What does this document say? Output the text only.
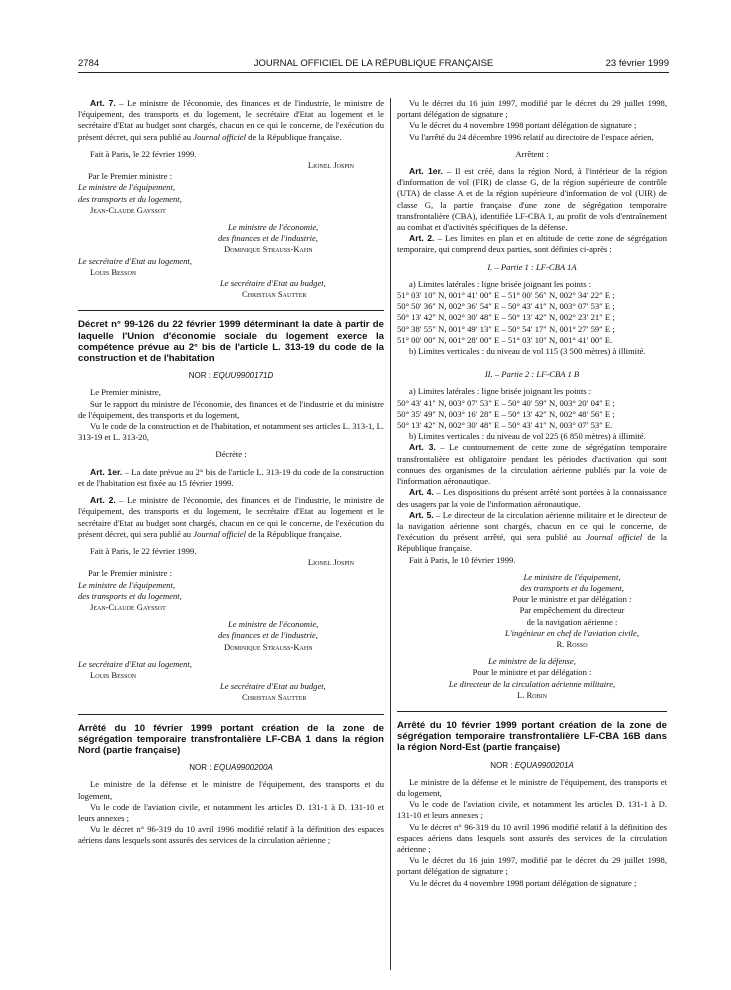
2784	JOURNAL OFFICIEL DE LA RÉPUBLIQUE FRANÇAISE	23 février 1999

Art. 7. – Le ministre de l'économie, des finances et de l'industrie, le ministre de l'équipement, des transports et du logement, le secrétaire d'Etat au logement et le secrétaire d'Etat au budget sont chargés, chacun en ce qui le concerne, de l'exécution du présent décret, qui sera publié au Journal officiel de la République française.

Fait à Paris, le 22 février 1999.

Lionel Jospin

Par le Premier ministre :

Le ministre de l'équipement,

des transports et du logement,

Jean-Claude Gayssot

Le ministre de l'économie,

des finances et de l'industrie,

Dominique Strauss-Kahn

Le secrétaire d'Etat au logement,

Louis Besson

Le secrétaire d'Etat au budget,

Christian Sautter

Décret n° 99-126 du 22 février 1999 déterminant la date à partir de laquelle l'Union d'économie sociale du logement exerce la compétence prévue au 2° bis de l'article L. 313-19 du code de la construction et de l'habitation

NOR : EQUU9900171D

Le Premier ministre,

Sur le rapport du ministre de l'économie, des finances et de l'industrie et du ministre de l'équipement, des transports et du logement,

Vu le code de la construction et de l'habitation, et notamment ses articles L. 313-1, L. 313-19 et L. 313-20,

Décrète :

Art. 1er. – La date prévue au 2° bis de l'article L. 313-19 du code de la construction et de l'habitation est fixée au 15 février 1999.

Art. 2. – Le ministre de l'économie, des finances et de l'industrie, le ministre de l'équipement, des transports et du logement, le secrétaire d'Etat au logement et le secrétaire d'Etat au budget sont chargés, chacun en ce qui le concerne, de l'exécution du présent décret, qui sera publié au Journal officiel de la République française.

Fait à Paris, le 22 février 1999.

Lionel Jospin

Par le Premier ministre :

Le ministre de l'équipement,

des transports et du logement,

Jean-Claude Gayssot

Le ministre de l'économie,

des finances et de l'industrie,

Dominique Strauss-Kahn

Le secrétaire d'Etat au logement,

Louis Besson

Le secrétaire d'Etat au budget,

Christian Sautter

Arrêté du 10 février 1999 portant création de la zone de ségrégation temporaire transfrontalière LF-CBA 1 dans la région Nord (partie française)

NOR : EQUA9900200A

Le ministre de la défense et le ministre de l'équipement, des transports et du logement,

Vu le code de l'aviation civile, et notamment les articles D. 131-1 à D. 131-10 et leurs annexes ;

Vu le décret n° 96-319 du 10 avril 1996 modifié relatif à la définition des espaces aériens dans lesquels sont assurés des services de la circulation aérienne ;

Vu le décret du 16 juin 1997, modifié par le décret du 29 juillet 1998, portant délégation de signature ;

Vu le décret du 4 novembre 1998 portant délégation de signature ;

Vu l'arrêté du 24 décembre 1996 relatif au directoire de l'espace aérien,

Arrêtent :

Art. 1er. – Il est créé, dans la région Nord, à l'intérieur de la région d'information de vol (FIR) de classe G, de la région supérieure de contrôle (UTA) de classe A et de la région supérieure d'information de vol (UIR) de classe G, la partie française d'une zone de ségrégation temporaire transfrontalière (CBA), identifiée LF-CBA 1, au profit de vols d'entraînement au combat et d'activités spécifiques de la défense.

Art. 2. – Les limites en plan et en altitude de cette zone de ségrégation temporaire, qui comprend deux parties, sont définies ci-après :

I. – Partie 1 : LF-CBA 1A

a) Limites latérales : ligne brisée joignant les points :

51° 03′ 10″ N, 001° 41′ 00″ E – 51° 00′ 56″ N, 002° 34′ 22″ E ;

50° 50′ 36″ N, 002° 36′ 54″ E – 50° 43′ 41″ N, 003° 07′ 53″ E ;

50° 13′ 42″ N, 002° 30′ 48″ E – 50° 13′ 42″ N, 002° 23′ 21″ E ;

50° 38′ 55″ N, 001° 49′ 13″ E – 50° 54′ 17″ N, 001° 27′ 59″ E ;

51° 00′ 00″ N, 001° 28′ 00″ E – 51° 03′ 10″ N, 001° 41′ 00″ E.

b) Limites verticales : du niveau de vol 115 (3 500 mètres) à illimité.

II. – Partie 2 : LF-CBA 1 B

a) Limites latérales : ligne brisée joignant les points :

50° 43′ 41″ N, 003° 07′ 53″ E – 50° 40′ 59″ N, 003° 20′ 04″ E ;

50° 35′ 49″ N, 003° 16′ 28″ E – 50° 13′ 42″ N, 002° 48′ 56″ E ;

50° 13′ 42″ N, 002° 30′ 48″ E – 50° 43′ 41″ N, 003° 07′ 53″ E.

b) Limites verticales : du niveau de vol 225 (6 850 mètres) à illimité.

Art. 3. – Le contournement de cette zone de ségrégation temporaire transfrontalière est obligatoire pendant les périodes d'activation qui sont connues des organismes de la circulation aérienne publiés par la voie de l'information aéronautique.

Art. 4. – Les dispositions du présent arrêté sont portées à la connaissance des usagers par la voie de l'information aéronautique.

Art. 5. – Le directeur de la circulation aérienne militaire et le directeur de la navigation aérienne sont chargés, chacun en ce qui le concerne, de l'exécution du présent arrêté, qui sera publié au Journal officiel de la République française.

Fait à Paris, le 10 février 1999.

Le ministre de l'équipement,

des transports et du logement,

Pour le ministre et par délégation :

Par empêchement du directeur

de la navigation aérienne :

L'ingénieur en chef de l'aviation civile,

R. Rosso

Le ministre de la défense,

Pour le ministre et par délégation :

Le directeur de la circulation aérienne militaire,

L. Robin

Arrêté du 10 février 1999 portant création de la zone de ségrégation temporaire transfrontalière LF-CBA 16B dans la région Nord-Est (partie française)

NOR : EQUA9900201A

Le ministre de la défense et le ministre de l'équipement, des transports et du logement,

Vu le code de l'aviation civile, et notamment les articles D. 131-1 à D. 131-10 et leurs annexes ;

Vu le décret n° 96-319 du 10 avril 1996 modifié relatif à la définition des espaces aériens dans lesquels sont assurés des services de la circulation aérienne ;

Vu le décret du 16 juin 1997, modifié par le décret du 29 juillet 1998, portant délégation de signature ;

Vu le décret du 4 novembre 1998 portant délégation de signature ;
